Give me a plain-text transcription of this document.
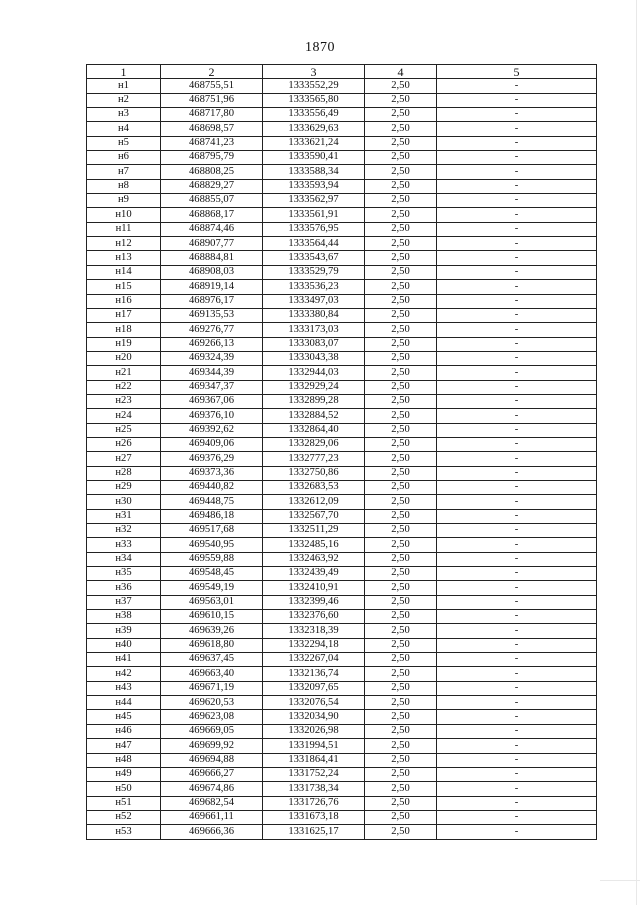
1870
1	2	3	4	5
н1	468755,51	1333552,29	2,50	-
н2	468751,96	1333565,80	2,50	-
н3	468717,80	1333556,49	2,50	-
н4	468698,57	1333629,63	2,50	-
н5	468741,23	1333621,24	2,50	-
н6	468795,79	1333590,41	2,50	-
н7	468808,25	1333588,34	2,50	-
н8	468829,27	1333593,94	2,50	-
н9	468855,07	1333562,97	2,50	-
н10	468868,17	1333561,91	2,50	-
н11	468874,46	1333576,95	2,50	-
н12	468907,77	1333564,44	2,50	-
н13	468884,81	1333543,67	2,50	-
н14	468908,03	1333529,79	2,50	-
н15	468919,14	1333536,23	2,50	-
н16	468976,17	1333497,03	2,50	-
н17	469135,53	1333380,84	2,50	-
н18	469276,77	1333173,03	2,50	-
н19	469266,13	1333083,07	2,50	-
н20	469324,39	1333043,38	2,50	-
н21	469344,39	1332944,03	2,50	-
н22	469347,37	1332929,24	2,50	-
н23	469367,06	1332899,28	2,50	-
н24	469376,10	1332884,52	2,50	-
н25	469392,62	1332864,40	2,50	-
н26	469409,06	1332829,06	2,50	-
н27	469376,29	1332777,23	2,50	-
н28	469373,36	1332750,86	2,50	-
н29	469440,82	1332683,53	2,50	-
н30	469448,75	1332612,09	2,50	-
н31	469486,18	1332567,70	2,50	-
н32	469517,68	1332511,29	2,50	-
н33	469540,95	1332485,16	2,50	-
н34	469559,88	1332463,92	2,50	-
н35	469548,45	1332439,49	2,50	-
н36	469549,19	1332410,91	2,50	-
н37	469563,01	1332399,46	2,50	-
н38	469610,15	1332376,60	2,50	-
н39	469639,26	1332318,39	2,50	-
н40	469618,80	1332294,18	2,50	-
н41	469637,45	1332267,04	2,50	-
н42	469663,40	1332136,74	2,50	-
н43	469671,19	1332097,65	2,50	-
н44	469620,53	1332076,54	2,50	-
н45	469623,08	1332034,90	2,50	-
н46	469669,05	1332026,98	2,50	-
н47	469699,92	1331994,51	2,50	-
н48	469694,88	1331864,41	2,50	-
н49	469666,27	1331752,24	2,50	-
н50	469674,86	1331738,34	2,50	-
н51	469682,54	1331726,76	2,50	-
н52	469661,11	1331673,18	2,50	-
н53	469666,36	1331625,17	2,50	-
